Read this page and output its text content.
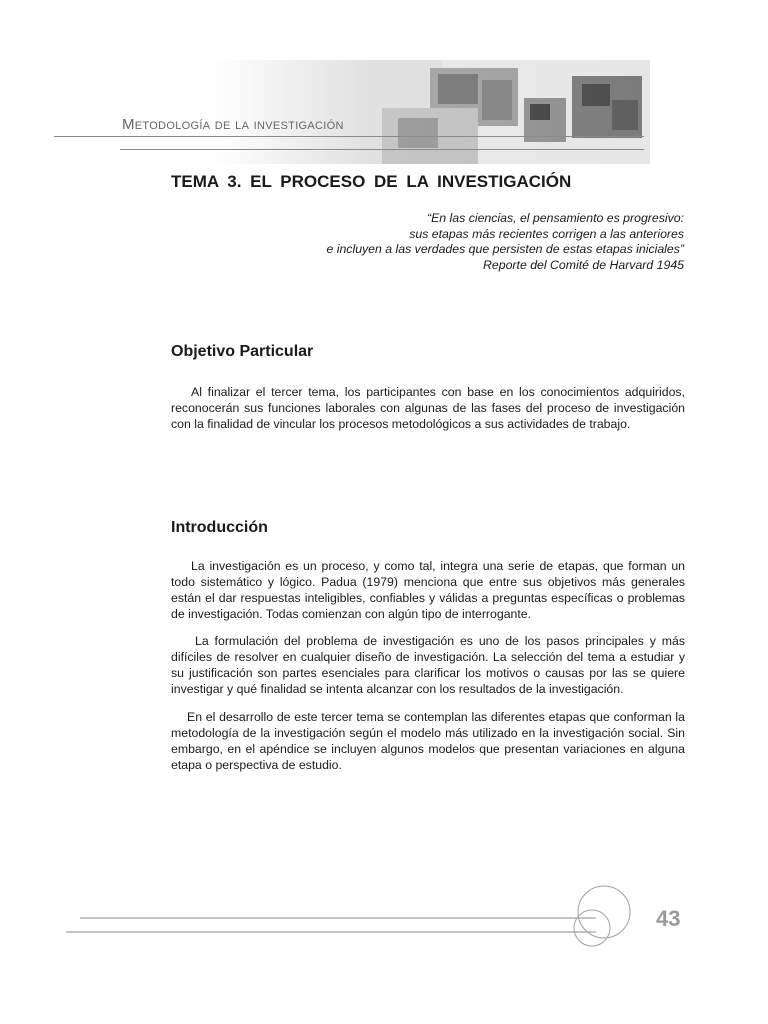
Metodología de la investigación
TEMA 3. EL PROCESO DE LA INVESTIGACIÓN
“En las ciencias, el pensamiento es progresivo:
sus etapas más recientes corrigen a las anteriores
e incluyen a las verdades que persisten de estas etapas iniciales”
Reporte del Comité de Harvard 1945
Objetivo Particular

Al finalizar el tercer tema, los participantes con base en los conocimientos adquiridos, reconocerán sus funciones laborales con algunas de las fases del proceso de investigación con la finalidad de vincular los procesos metodológicos a sus actividades de trabajo.

Introducción

La investigación es un proceso, y como tal, integra una serie de etapas, que forman un todo sistemático y lógico. Padua (1979) menciona que entre sus objetivos más generales están el dar respuestas inteligibles, confiables y válidas a preguntas específicas o problemas de investigación. Todas comienzan con algún tipo de interrogante.

La formulación del problema de investigación es uno de los pasos principales y más difíciles de resolver en cualquier diseño de investigación. La selección del tema a estudiar y su justificación son partes esenciales para clarificar los motivos o causas por las se quiere investigar y qué finalidad se intenta alcanzar con los resultados de la investigación.

En el desarrollo de este tercer tema se contemplan las diferentes etapas que conforman la metodología de la investigación según el modelo más utilizado en la investigación social. Sin embargo, en el apéndice se incluyen algunos modelos que presentan variaciones en alguna etapa o perspectiva de estudio.

43
